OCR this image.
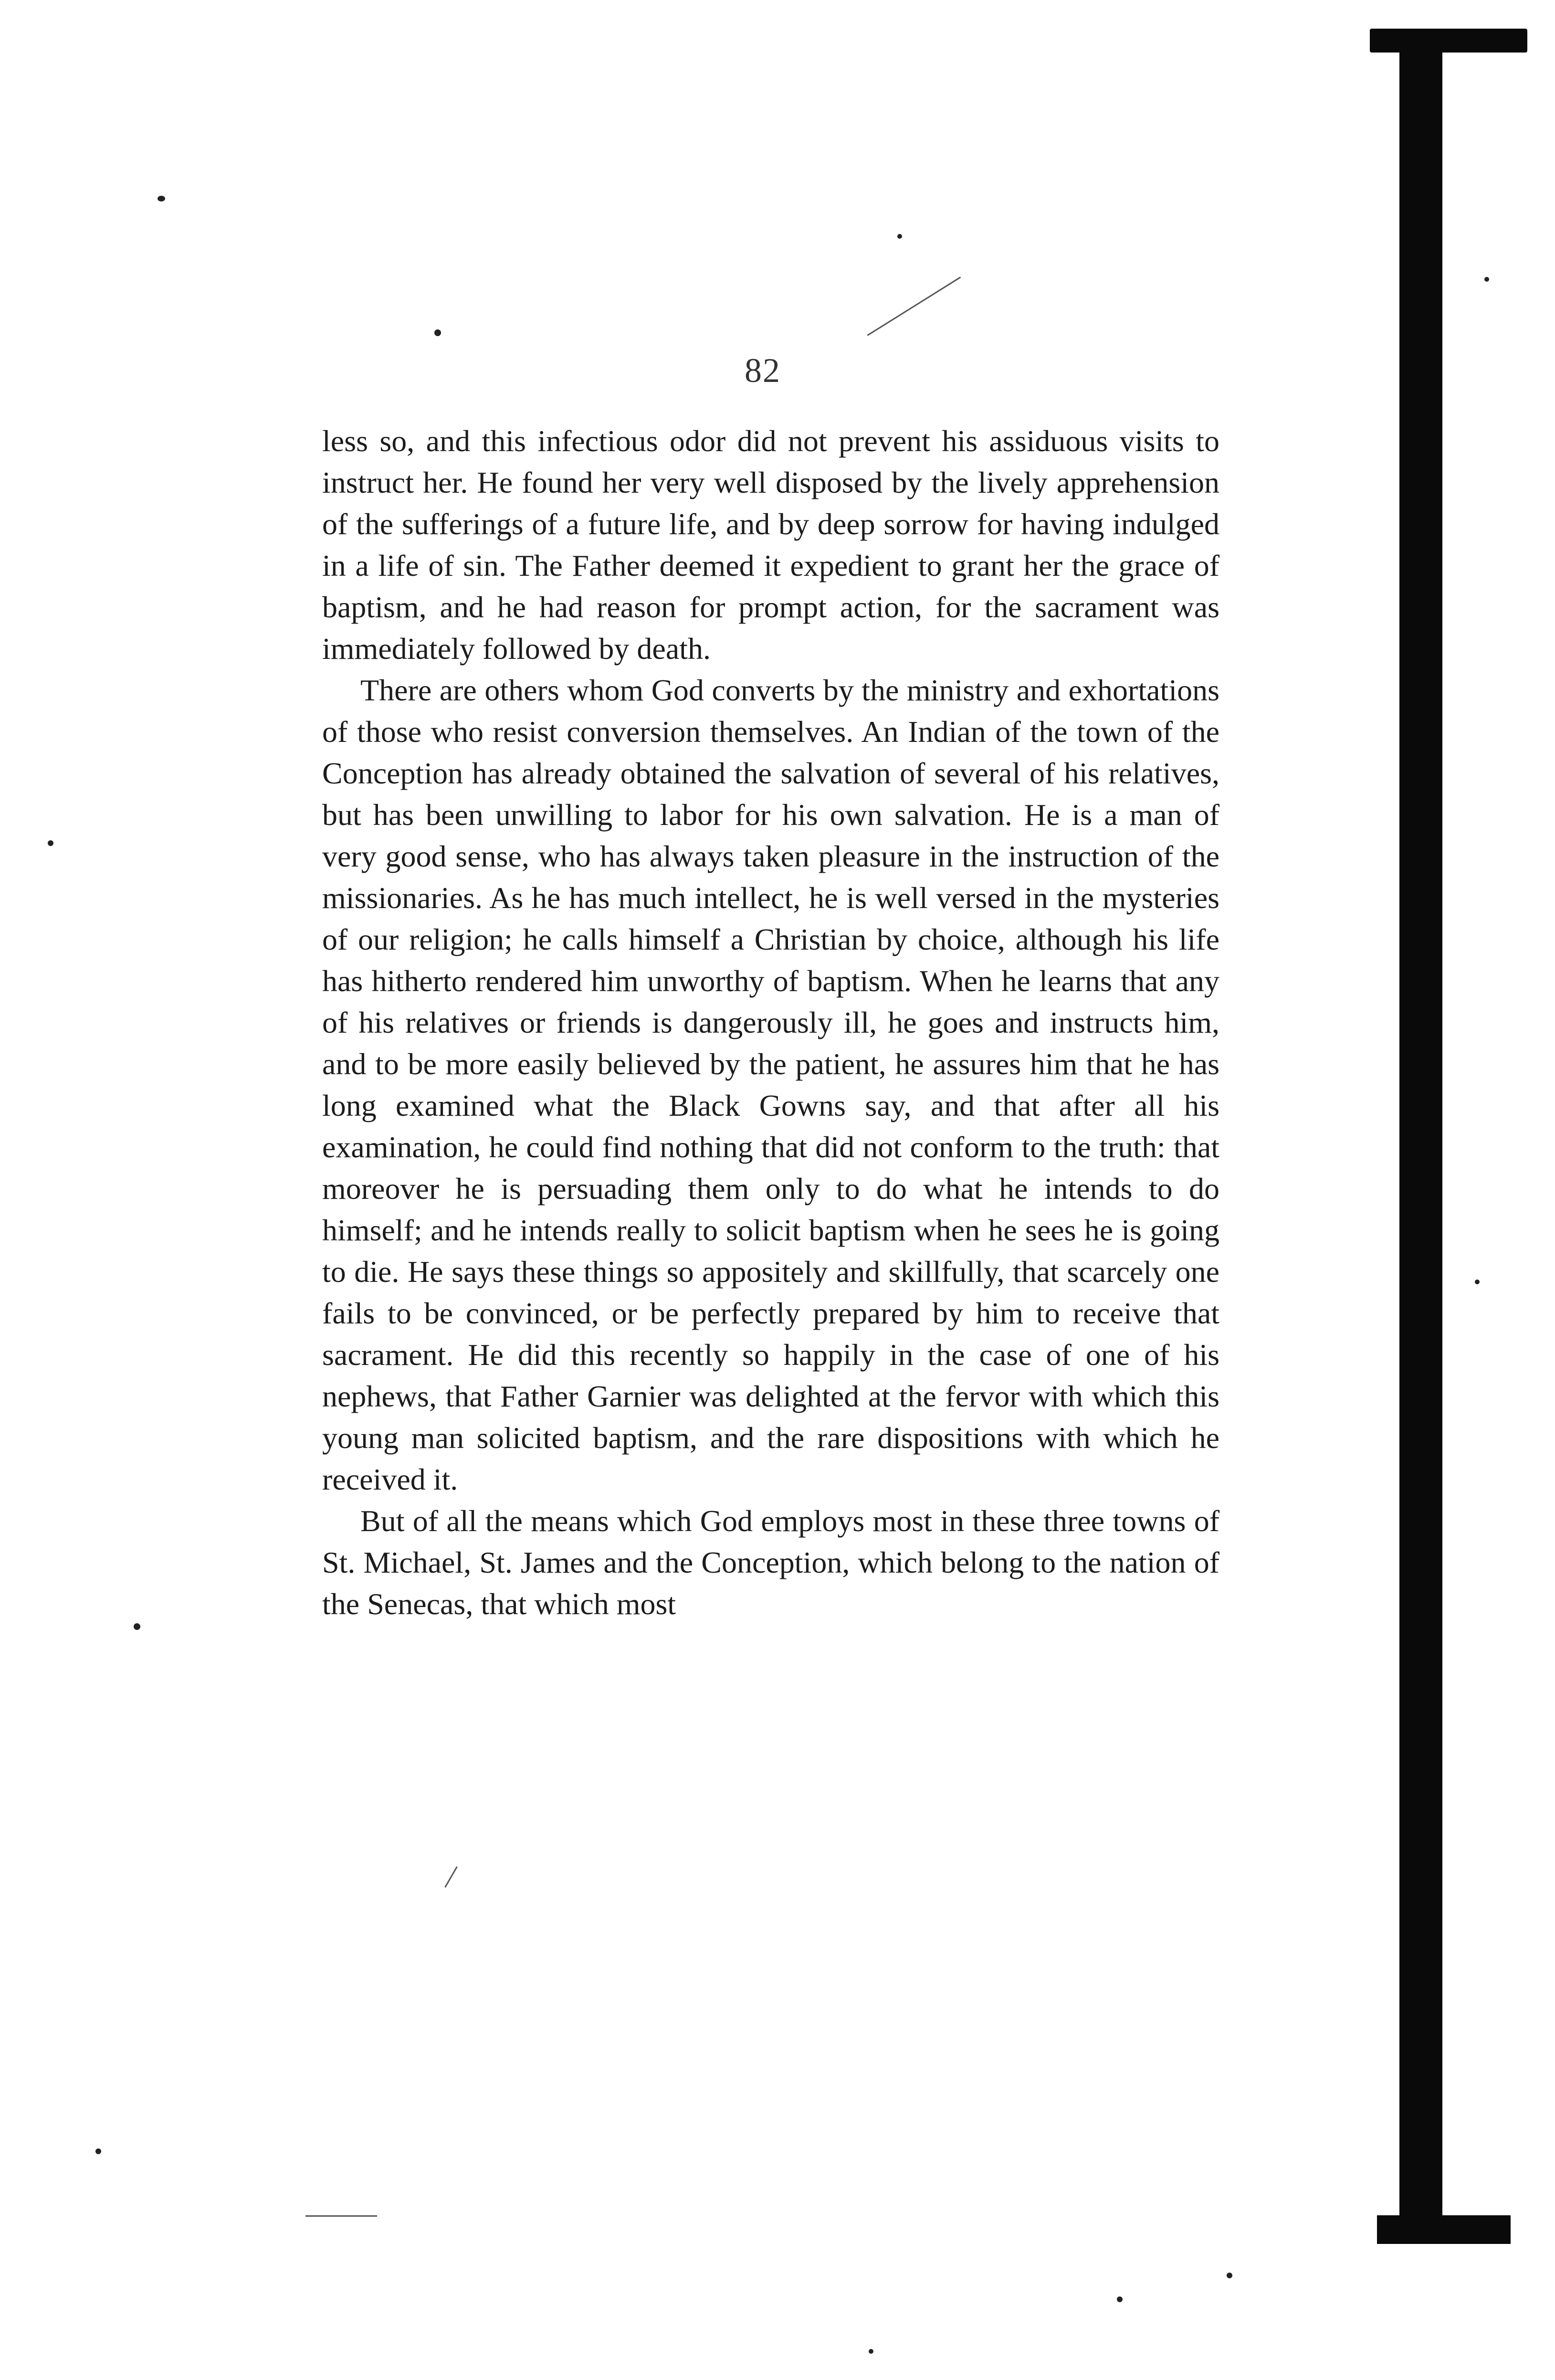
82

less so, and this infectious odor did not prevent his assiduous visits to instruct her. He found her very well disposed by the lively apprehension of the sufferings of a future life, and by deep sorrow for having indulged in a life of sin. The Father deemed it expedient to grant her the grace of baptism, and he had reason for prompt action, for the sacrament was immediately followed by death.

There are others whom God converts by the ministry and exhortations of those who resist conversion themselves. An Indian of the town of the Conception has already obtained the salvation of several of his relatives, but has been unwilling to labor for his own salvation. He is a man of very good sense, who has always taken pleasure in the instruction of the missionaries. As he has much intellect, he is well versed in the mysteries of our religion; he calls himself a Christian by choice, although his life has hitherto rendered him unworthy of baptism. When he learns that any of his relatives or friends is dangerously ill, he goes and instructs him, and to be more easily believed by the patient, he assures him that he has long examined what the Black Gowns say, and that after all his examination, he could find nothing that did not conform to the truth: that moreover he is persuading them only to do what he intends to do himself; and he intends really to solicit baptism when he sees he is going to die. He says these things so appositely and skillfully, that scarcely one fails to be convinced, or be perfectly prepared by him to receive that sacrament. He did this recently so happily in the case of one of his nephews, that Father Garnier was delighted at the fervor with which this young man solicited baptism, and the rare dispositions with which he received it.

But of all the means which God employs most in these three towns of St. Michael, St. James and the Conception, which belong to the nation of the Senecas, that which most
